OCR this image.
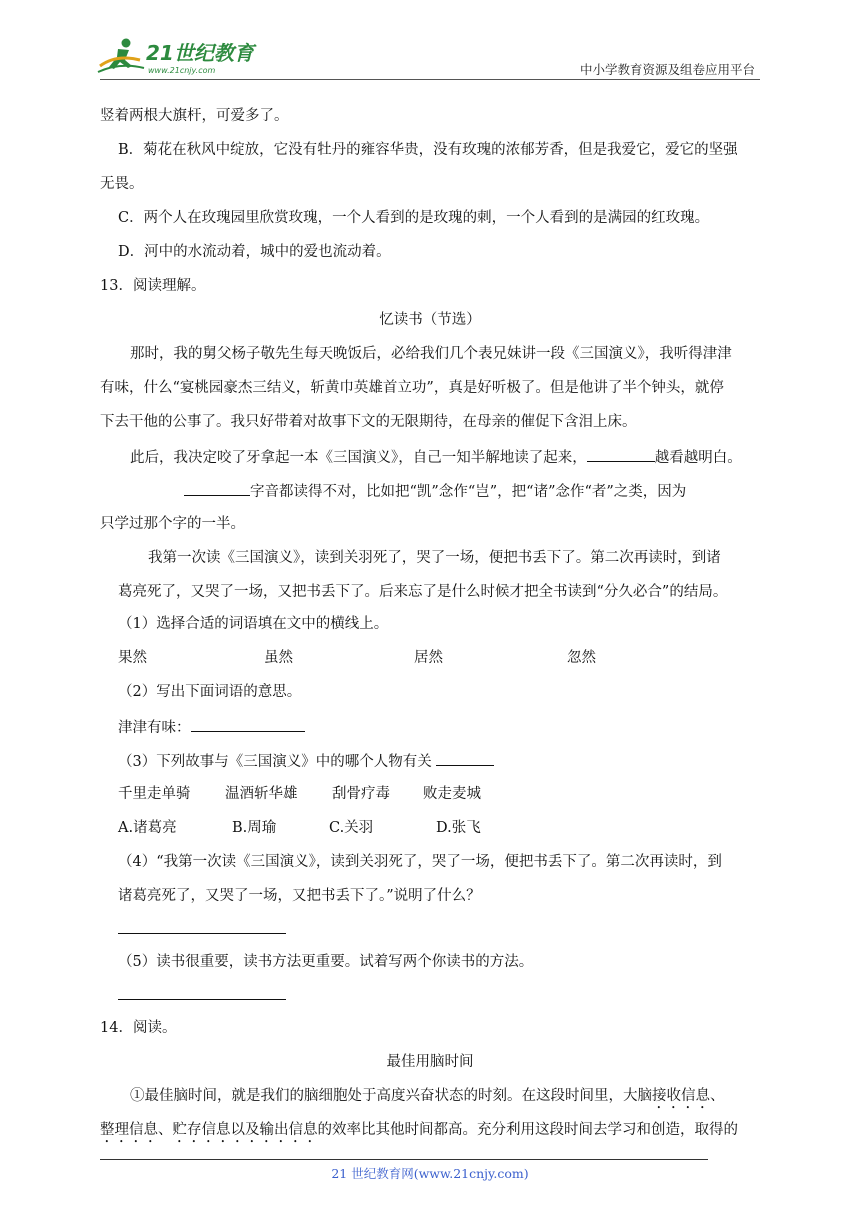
21世纪教育
www.21cnjy.com	中小学教育资源及组卷应用平台
竖着两根大旗杆，可爱多了。
B．菊花在秋风中绽放，它没有牡丹的雍容华贵，没有玫瑰的浓郁芳香，但是我爱它，爱它的坚强
无畏。
C．两个人在玫瑰园里欣赏玫瑰，一个人看到的是玫瑰的刺，一个人看到的是满园的红玫瑰。
D．河中的水流动着，城中的爱也流动着。
13．阅读理解。
忆读书（节选）
那时，我的舅父杨子敬先生每天晚饭后，必给我们几个表兄妹讲一段《三国演义》，我听得津津
有味，什么“宴桃园豪杰三结义，斩黄巾英雄首立功”，真是好听极了。但是他讲了半个钟头，就停
下去干他的公事了。我只好带着对故事下文的无限期待，在母亲的催促下含泪上床。
此后，我决定咬了牙拿起一本《三国演义》，自己一知半解地读了起来，	越看越明白。
字音都读得不对，比如把“凯”念作“岂”，把“诸”念作“者”之类，因为
只学过那个字的一半。
我第一次读《三国演义》，读到关羽死了，哭了一场，便把书丢下了。第二次再读时，到诸
葛亮死了，又哭了一场，又把书丢下了。后来忘了是什么时候才把全书读到“分久必合”的结局。
（1）选择合适的词语填在文中的横线上。
果然	虽然	居然	忽然
（2）写出下面词语的意思。
津津有味：
（3）下列故事与《三国演义》中的哪个人物有关
千里走单骑 温酒斩华雄 刮骨疗毒 败走麦城
A.诸葛亮	B.周瑜	C.关羽	D.张飞
（4）“我第一次读《三国演义》，读到关羽死了，哭了一场，便把书丢下了。第二次再读时，到
诸葛亮死了，又哭了一场，又把书丢下了。”说明了什么？
（5）读书很重要，读书方法更重要。试着写两个你读书的方法。
14．阅读。
最佳用脑时间
①最佳脑时间，就是我们的脑细胞处于高度兴奋状态的时刻。在这段时间里，大脑接收信息、
整理信息、贮存信息以及输出信息的效率比其他时间都高。充分利用这段时间去学习和创造，取得的
21 世纪教育网(www.21cnjy.com)
